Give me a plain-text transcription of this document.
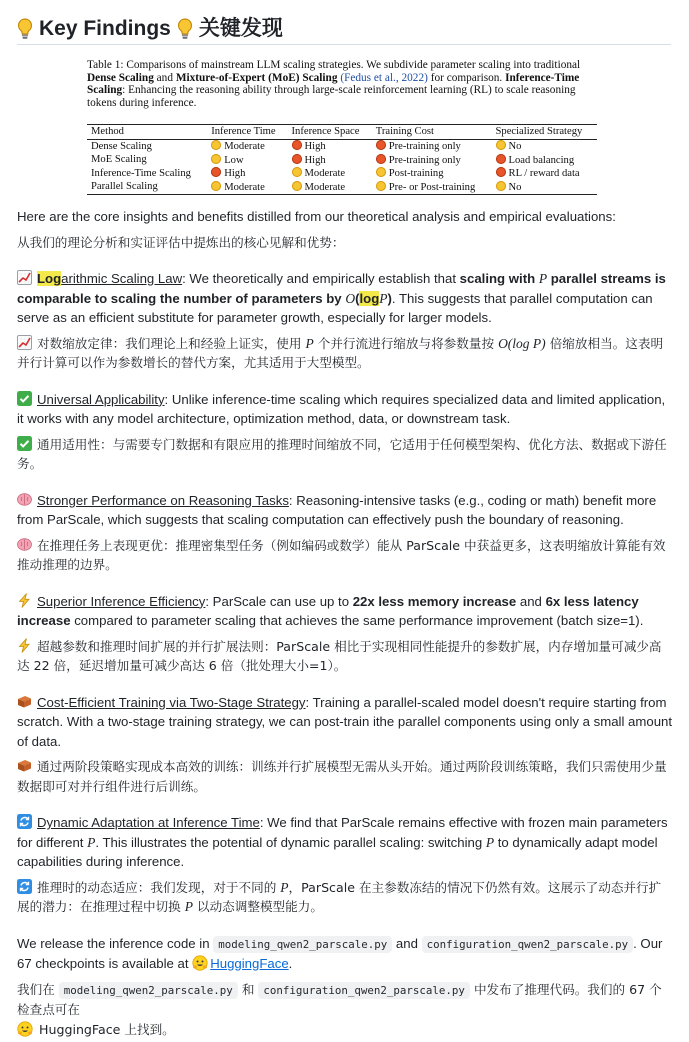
Key Findings 关键发现

Table 1: Comparisons of mainstream LLM scaling strategies. We subdivide parameter scaling into traditional Dense Scaling and Mixture-of-Expert (MoE) Scaling (Fedus et al., 2022) for comparison. Inference-Time Scaling: Enhancing the reasoning ability through large-scale reinforcement learning (RL) to scale reasoning tokens during inference.

Method	Inference Time	Inference Space	Training Cost	Specialized Strategy
Dense Scaling	Moderate	High	Pre-training only	No
MoE Scaling	Low	High	Pre-training only	Load balancing
Inference-Time Scaling	High	Moderate	Post-training	RL / reward data
Parallel Scaling	Moderate	Moderate	Pre- or Post-training	No

Here are the core insights and benefits distilled from our theoretical analysis and empirical evaluations:

从我们的理论分析和实证评估中提炼出的核心见解和优势：

Logarithmic Scaling Law: We theoretically and empirically establish that scaling with P parallel streams is comparable to scaling the number of parameters by O(logP). This suggests that parallel computation can serve as an efficient substitute for parameter growth, especially for larger models.

对数缩放定律：我们理论上和经验上证实，使用 P 个并行流进行缩放与将参数量按 O(log P) 倍缩放相当。这表明并行计算可以作为参数增长的替代方案，尤其适用于大型模型。

Universal Applicability: Unlike inference-time scaling which requires specialized data and limited application, it works with any model architecture, optimization method, data, or downstream task.

通用适用性：与需要专门数据和有限应用的推理时间缩放不同，它适用于任何模型架构、优化方法、数据或下游任务。

Stronger Performance on Reasoning Tasks: Reasoning-intensive tasks (e.g., coding or math) benefit more from ParScale, which suggests that scaling computation can effectively push the boundary of reasoning.

在推理任务上表现更优：推理密集型任务（例如编码或数学）能从 ParScale 中获益更多，这表明缩放计算能有效推动推理的边界。

Superior Inference Efficiency: ParScale can use up to 22x less memory increase and 6x less latency increase compared to parameter scaling that achieves the same performance improvement (batch size=1).

超越参数和推理时间扩展的并行扩展法则：ParScale 相比于实现相同性能提升的参数扩展，内存增加量可减少高达 22 倍，延迟增加量可减少高达 6 倍（批处理大小=1）。

Cost-Efficient Training via Two-Stage Strategy: Training a parallel-scaled model doesn't require starting from scratch. With a two-stage training strategy, we can post-train ithe parallel components using only a small amount of data.

通过两阶段策略实现成本高效的训练：训练并行扩展模型无需从头开始。通过两阶段训练策略，我们只需使用少量数据即可对并行组件进行后训练。

Dynamic Adaptation at Inference Time: We find that ParScale remains effective with frozen main parameters for different P. This illustrates the potential of dynamic parallel scaling: switching P to dynamically adapt model capabilities during inference.

推理时的动态适应：我们发现，对于不同的 P，ParScale 在主参数冻结的情况下仍然有效。这展示了动态并行扩展的潜力：在推理过程中切换 P 以动态调整模型能力。

We release the inference code in modeling_qwen2_parscale.py and configuration_qwen2_parscale.py . Our 67 checkpoints is available at HuggingFace.

我们在 modeling_qwen2_parscale.py 和 configuration_qwen2_parscale.py 中发布了推理代码。我们的 67 个检查点可在
HuggingFace 上找到。
